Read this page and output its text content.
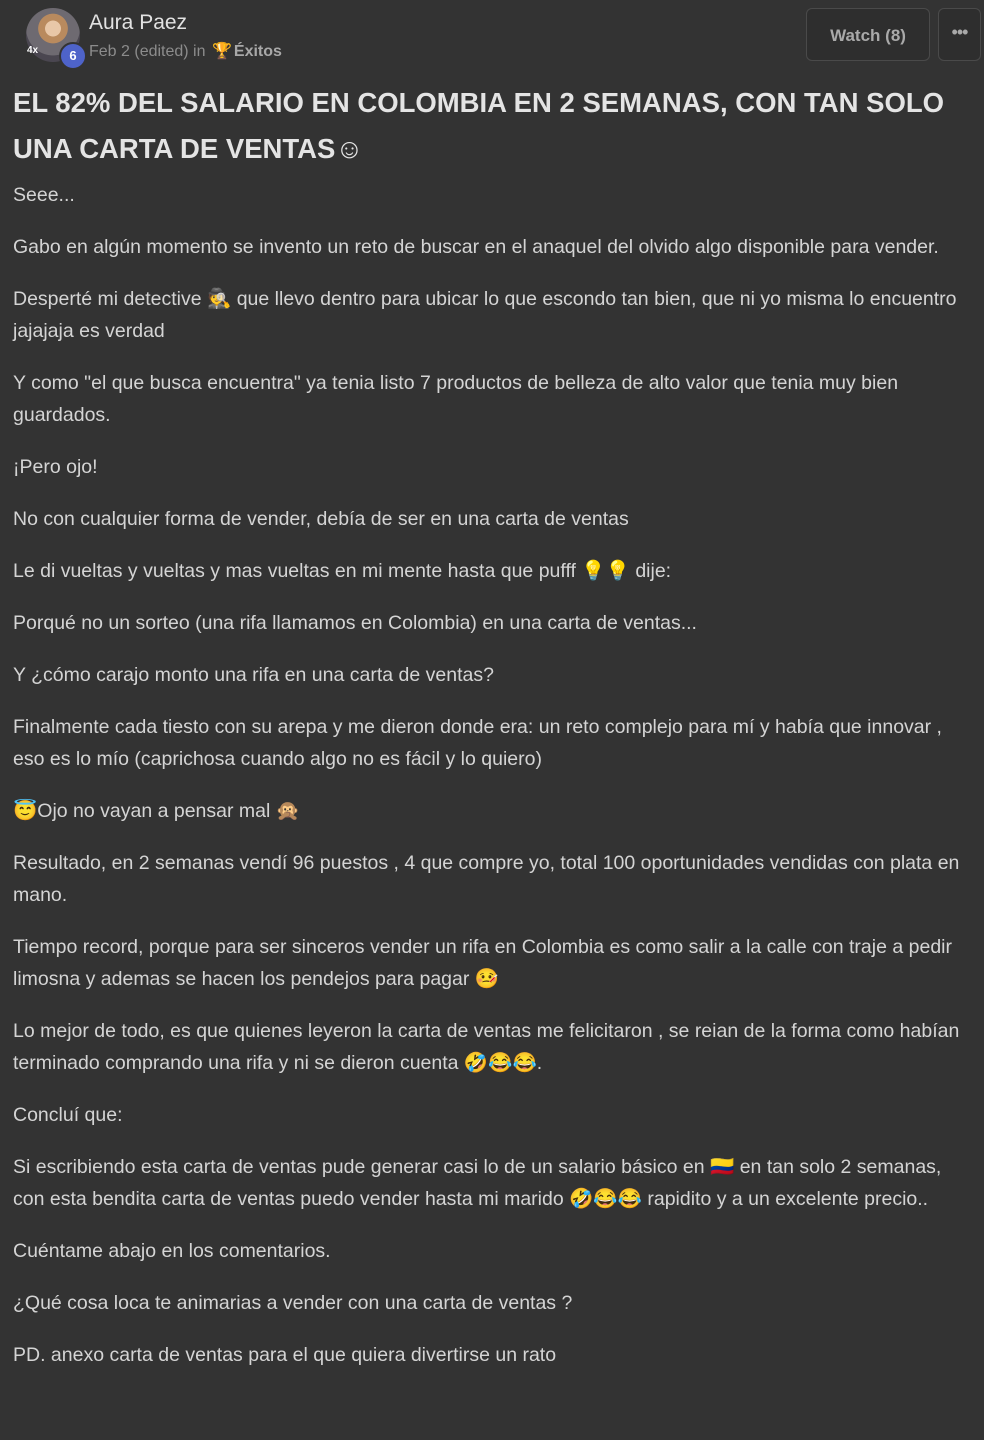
4x	6
Aura Paez
Feb 2 (edited) in 🏆 Éxitos
Watch (8)	•••
EL 82% DEL SALARIO EN COLOMBIA EN 2 SEMANAS, CON TAN SOLO UNA CARTA DE VENTAS☺

Seee...

Gabo en algún momento se invento un reto de buscar en el anaquel del olvido algo disponible para vender.

Desperté mi detective 🕵 que llevo dentro para ubicar lo que escondo tan bien, que ni yo misma lo encuentro jajajaja es verdad

Y como "el que busca encuentra" ya tenia listo 7 productos de belleza de alto valor que tenia muy bien guardados.

¡Pero ojo!

No con cualquier forma de vender, debía de ser en una carta de ventas

Le di vueltas y vueltas y mas vueltas en mi mente hasta que pufff 💡💡 dije:

Porqué no un sorteo (una rifa llamamos en Colombia) en una carta de ventas...

Y ¿cómo carajo monto una rifa en una carta de ventas?

Finalmente cada tiesto con su arepa y me dieron donde era: un reto complejo para mí y había que innovar , eso es lo mío (caprichosa cuando algo no es fácil y lo quiero)

😇Ojo no vayan a pensar mal 🙊

Resultado, en 2 semanas vendí 96 puestos , 4 que compre yo, total 100 oportunidades vendidas con plata en mano.

Tiempo record, porque para ser sinceros vender un rifa en Colombia es como salir a la calle con traje a pedir limosna y ademas se hacen los pendejos para pagar 🤒

Lo mejor de todo, es que quienes leyeron la carta de ventas me felicitaron , se reian de la forma como habían terminado comprando una rifa y ni se dieron cuenta 🤣😂😂.

Concluí que:

Si escribiendo esta carta de ventas pude generar casi lo de un salario básico en 🇨🇴 en tan solo 2 semanas, con esta bendita carta de ventas puedo vender hasta mi marido 🤣😂😂 rapidito y a un excelente precio..

Cuéntame abajo en los comentarios.

¿Qué cosa loca te animarias a vender con una carta de ventas ?

PD. anexo carta de ventas para el que quiera divertirse un rato
